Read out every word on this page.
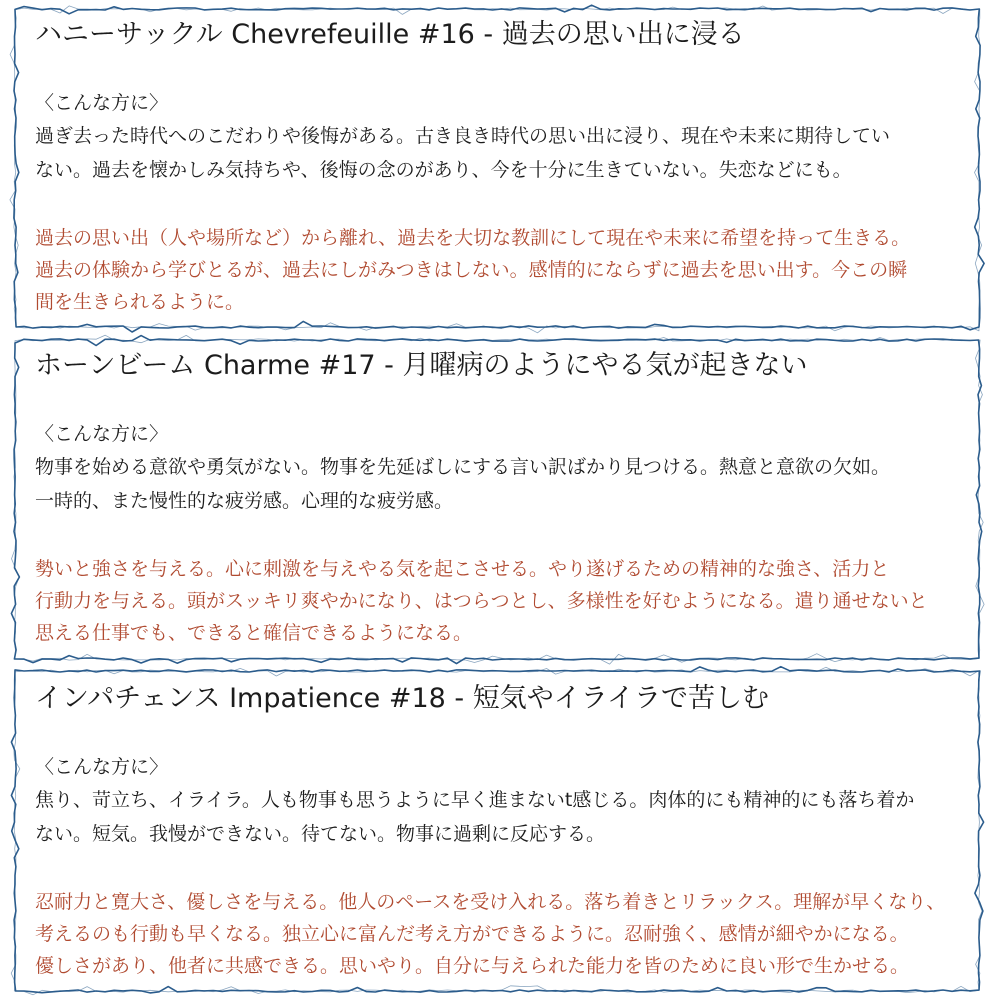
ハニーサックル Chevrefeuille #16 - 過去の思い出に浸る
〈こんな方に〉
過ぎ去った時代へのこだわりや後悔がある。古き良き時代の思い出に浸り、現在や未来に期待してい
ない。過去を懐かしみ気持ちや、後悔の念のがあり、今を十分に生きていない。失恋などにも。
過去の思い出（人や場所など）から離れ、過去を大切な教訓にして現在や未来に希望を持って生きる。
過去の体験から学びとるが、過去にしがみつきはしない。感情的にならずに過去を思い出す。今この瞬
間を生きられるように。
ホーンビーム Charme #17 - 月曜病のようにやる気が起きない
〈こんな方に〉
物事を始める意欲や勇気がない。物事を先延ばしにする言い訳ばかり見つける。熱意と意欲の欠如。
一時的、また慢性的な疲労感。心理的な疲労感。
勢いと強さを与える。心に刺激を与えやる気を起こさせる。やり遂げるための精神的な強さ、活力と
行動力を与える。頭がスッキリ爽やかになり、はつらつとし、多様性を好むようになる。遣り通せないと
思える仕事でも、できると確信できるようになる。
インパチェンス Impatience #18 - 短気やイライラで苦しむ
〈こんな方に〉
焦り、苛立ち、イライラ。人も物事も思うように早く進まないt感じる。肉体的にも精神的にも落ち着か
ない。短気。我慢ができない。待てない。物事に過剰に反応する。
忍耐力と寛大さ、優しさを与える。他人のペースを受け入れる。落ち着きとリラックス。理解が早くなり、
考えるのも行動も早くなる。独立心に富んだ考え方ができるように。忍耐強く、感情が細やかになる。
優しさがあり、他者に共感できる。思いやり。自分に与えられた能力を皆のために良い形で生かせる。
